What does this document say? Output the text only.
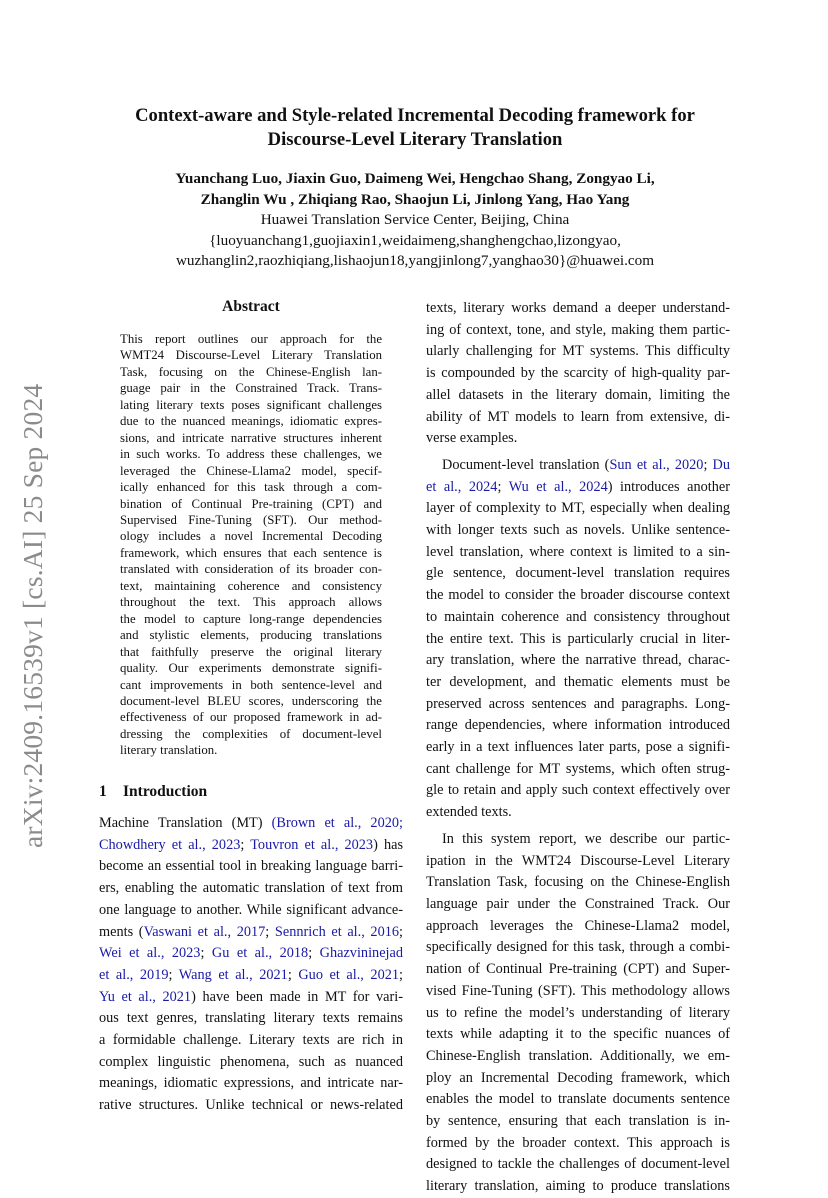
arXiv:2409.16539v1 [cs.AI] 25 Sep 2024
Context-aware and Style-related Incremental Decoding framework for
Discourse-Level Literary Translation
Yuanchang Luo, Jiaxin Guo, Daimeng Wei, Hengchao Shang, Zongyao Li,
Zhanglin Wu , Zhiqiang Rao, Shaojun Li, Jinlong Yang, Hao Yang
Huawei Translation Service Center, Beijing, China
{luoyuanchang1,guojiaxin1,weidaimeng,shanghengchao,lizongyao,
wuzhanglin2,raozhiqiang,lishaojun18,yangjinlong7,yanghao30}@huawei.com
Abstract
This report outlines our approach for the
WMT24 Discourse-Level Literary Translation
Task, focusing on the Chinese-English lan-
guage pair in the Constrained Track. Trans-
lating literary texts poses significant challenges
due to the nuanced meanings, idiomatic expres-
sions, and intricate narrative structures inherent
in such works. To address these challenges, we
leveraged the Chinese-Llama2 model, specif-
ically enhanced for this task through a com-
bination of Continual Pre-training (CPT) and
Supervised Fine-Tuning (SFT). Our method-
ology includes a novel Incremental Decoding
framework, which ensures that each sentence is
translated with consideration of its broader con-
text, maintaining coherence and consistency
throughout the text. This approach allows
the model to capture long-range dependencies
and stylistic elements, producing translations
that faithfully preserve the original literary
quality. Our experiments demonstrate signifi-
cant improvements in both sentence-level and
document-level BLEU scores, underscoring the
effectiveness of our proposed framework in ad-
dressing the complexities of document-level
literary translation.
1 Introduction
Machine Translation (MT) (Brown et al., 2020;
Chowdhery et al., 2023; Touvron et al., 2023) has
become an essential tool in breaking language barri-
ers, enabling the automatic translation of text from
one language to another. While significant advance-
ments (Vaswani et al., 2017; Sennrich et al., 2016;
Wei et al., 2023; Gu et al., 2018; Ghazvininejad
et al., 2019; Wang et al., 2021; Guo et al., 2021;
Yu et al., 2021) have been made in MT for vari-
ous text genres, translating literary texts remains
a formidable challenge. Literary texts are rich in
complex linguistic phenomena, such as nuanced
meanings, idiomatic expressions, and intricate nar-
rative structures. Unlike technical or news-related
texts, literary works demand a deeper understand-
ing of context, tone, and style, making them partic-
ularly challenging for MT systems. This difficulty
is compounded by the scarcity of high-quality par-
allel datasets in the literary domain, limiting the
ability of MT models to learn from extensive, di-
verse examples.
Document-level translation (Sun et al., 2020; Du
et al., 2024; Wu et al., 2024) introduces another
layer of complexity to MT, especially when dealing
with longer texts such as novels. Unlike sentence-
level translation, where context is limited to a sin-
gle sentence, document-level translation requires
the model to consider the broader discourse context
to maintain coherence and consistency throughout
the entire text. This is particularly crucial in liter-
ary translation, where the narrative thread, charac-
ter development, and thematic elements must be
preserved across sentences and paragraphs. Long-
range dependencies, where information introduced
early in a text influences later parts, pose a signifi-
cant challenge for MT systems, which often strug-
gle to retain and apply such context effectively over
extended texts.
In this system report, we describe our partic-
ipation in the WMT24 Discourse-Level Literary
Translation Task, focusing on the Chinese-English
language pair under the Constrained Track. Our
approach leverages the Chinese-Llama2 model,
specifically designed for this task, through a combi-
nation of Continual Pre-training (CPT) and Super-
vised Fine-Tuning (SFT). This methodology allows
us to refine the model’s understanding of literary
texts while adapting it to the specific nuances of
Chinese-English translation. Additionally, we em-
ploy an Incremental Decoding framework, which
enables the model to translate documents sentence
by sentence, ensuring that each translation is in-
formed by the broader context. This approach is
designed to tackle the challenges of document-level
literary translation, aiming to produce translations
